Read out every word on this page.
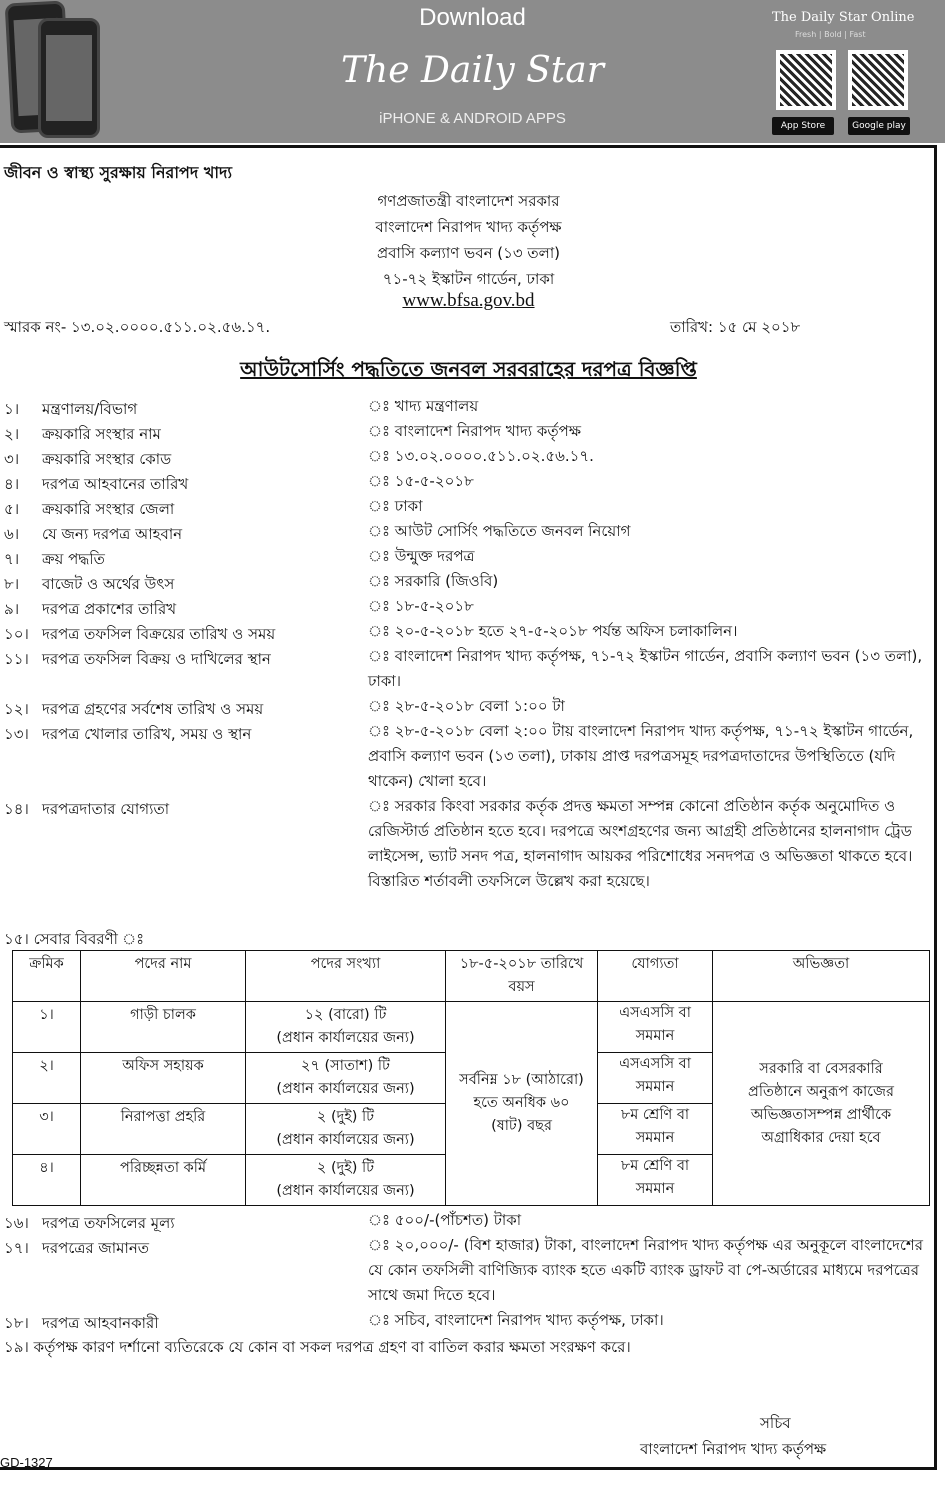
Download
The Daily Star
iPHONE & ANDROID APPS
The Daily Star Online
Fresh | Bold | Fast
App Store	Google play
জীবন ও স্বাস্থ্য সুরক্ষায় নিরাপদ খাদ্য
গণপ্রজাতন্ত্রী বাংলাদেশ সরকার
বাংলাদেশ নিরাপদ খাদ্য কর্তৃপক্ষ
প্রবাসি কল্যাণ ভবন (১৩ তলা)
৭১-৭২ ইস্কাটন গার্ডেন, ঢাকা
www.bfsa.gov.bd
স্মারক নং- ১৩.০২.০০০০.৫১১.০২.৫৬.১৭.	তারিখ: ১৫ মে ২০১৮
আউটসোর্সিং পদ্ধতিতে জনবল সরবরাহের দরপত্র বিজ্ঞপ্তি
১। মন্ত্রণালয়/বিভাগ	ঃ খাদ্য মন্ত্রণালয়
২। ক্রয়কারি সংস্থার নাম	ঃ বাংলাদেশ নিরাপদ খাদ্য কর্তৃপক্ষ
৩। ক্রয়কারি সংস্থার কোড	ঃ ১৩.০২.০০০০.৫১১.০২.৫৬.১৭.
৪। দরপত্র আহবানের তারিখ	ঃ ১৫-৫-২০১৮
৫। ক্রয়কারি সংস্থার জেলা	ঃ ঢাকা
৬। যে জন্য দরপত্র আহবান	ঃ আউট সোর্সিং পদ্ধতিতে জনবল নিয়োগ
৭। ক্রয় পদ্ধতি	ঃ উন্মুক্ত দরপত্র
৮। বাজেট ও অর্থের উৎস	ঃ সরকারি (জিওবি)
৯। দরপত্র প্রকাশের তারিখ	ঃ ১৮-৫-২০১৮
১০। দরপত্র তফসিল বিক্রয়ের তারিখ ও সময়	ঃ ২০-৫-২০১৮ হতে ২৭-৫-২০১৮ পর্যন্ত অফিস চলাকালিন।
১১। দরপত্র তফসিল বিক্রয় ও দাখিলের স্থান	ঃ বাংলাদেশ নিরাপদ খাদ্য কর্তৃপক্ষ, ৭১-৭২ ইস্কাটন গার্ডেন, প্রবাসি কল্যাণ ভবন (১৩ তলা), ঢাকা।
১২। দরপত্র গ্রহণের সর্বশেষ তারিখ ও সময়	ঃ ২৮-৫-২০১৮ বেলা ১:০০ টা
১৩। দরপত্র খোলার তারিখ, সময় ও স্থান	ঃ ২৮-৫-২০১৮ বেলা ২:০০ টায় বাংলাদেশ নিরাপদ খাদ্য কর্তৃপক্ষ, ৭১-৭২ ইস্কাটন গার্ডেন, প্রবাসি কল্যাণ ভবন (১৩ তলা), ঢাকায় প্রাপ্ত দরপত্রসমূহ দরপত্রদাতাদের উপস্থিতিতে (যদি থাকেন) খোলা হবে।
১৪। দরপত্রদাতার যোগ্যতা	ঃ সরকার কিংবা সরকার কর্তৃক প্রদত্ত ক্ষমতা সম্পন্ন কোনো প্রতিষ্ঠান কর্তৃক অনুমোদিত ও রেজিস্টার্ড প্রতিষ্ঠান হতে হবে। দরপত্রে অংশগ্রহণের জন্য আগ্রহী প্রতিষ্ঠানের হালনাগাদ ট্রেড লাইসেন্স, ভ্যাট সনদ পত্র, হালনাগাদ আয়কর পরিশোধের সনদপত্র ও অভিজ্ঞতা থাকতে হবে। বিস্তারিত শর্তাবলী তফসিলে উল্লেখ করা হয়েছে।
১৫। সেবার বিবরণী ঃ
ক্রমিক	পদের নাম	পদের সংখ্যা	১৮-৫-২০১৮ তারিখে বয়স	যোগ্যতা	অভিজ্ঞতা
১।	গাড়ী চালক	১২ (বারো) টি
(প্রধান কার্যালয়ের জন্য)	সর্বনিম্ন ১৮ (আঠারো) হতে অনধিক ৬০ (ষাট) বছর	এসএসসি বা সমমান	সরকারি বা বেসরকারি প্রতিষ্ঠানে অনুরূপ কাজের অভিজ্ঞতাসম্পন্ন প্রার্থীকে অগ্রাধিকার দেয়া হবে
২।	অফিস সহায়ক	২৭ (সাতাশ) টি
(প্রধান কার্যালয়ের জন্য)		এসএসসি বা সমমান	
৩।	নিরাপত্তা প্রহরি	২ (দুই) টি
(প্রধান কার্যালয়ের জন্য)		৮ম শ্রেণি বা সমমান	
৪।	পরিচ্ছন্নতা কর্মি	২ (দুই) টি
(প্রধান কার্যালয়ের জন্য)		৮ম শ্রেণি বা সমমান	
১৬। দরপত্র তফসিলের মূল্য	ঃ ৫০০/-(পাঁচশত) টাকা
১৭। দরপত্রের জামানত	ঃ ২০,০০০/- (বিশ হাজার) টাকা, বাংলাদেশ নিরাপদ খাদ্য কর্তৃপক্ষ এর অনুকূলে বাংলাদেশের যে কোন তফসিলী বাণিজ্যিক ব্যাংক হতে একটি ব্যাংক ড্রাফট বা পে-অর্ডারের মাধ্যমে দরপত্রের সাথে জমা দিতে হবে।
১৮। দরপত্র আহবানকারী	ঃ সচিব, বাংলাদেশ নিরাপদ খাদ্য কর্তৃপক্ষ, ঢাকা।
১৯। কর্তৃপক্ষ কারণ দর্শানো ব্যতিরেকে যে কোন বা সকল দরপত্র গ্রহণ বা বাতিল করার ক্ষমতা সংরক্ষণ করে।
সচিব
বাংলাদেশ নিরাপদ খাদ্য কর্তৃপক্ষ
GD-1327
